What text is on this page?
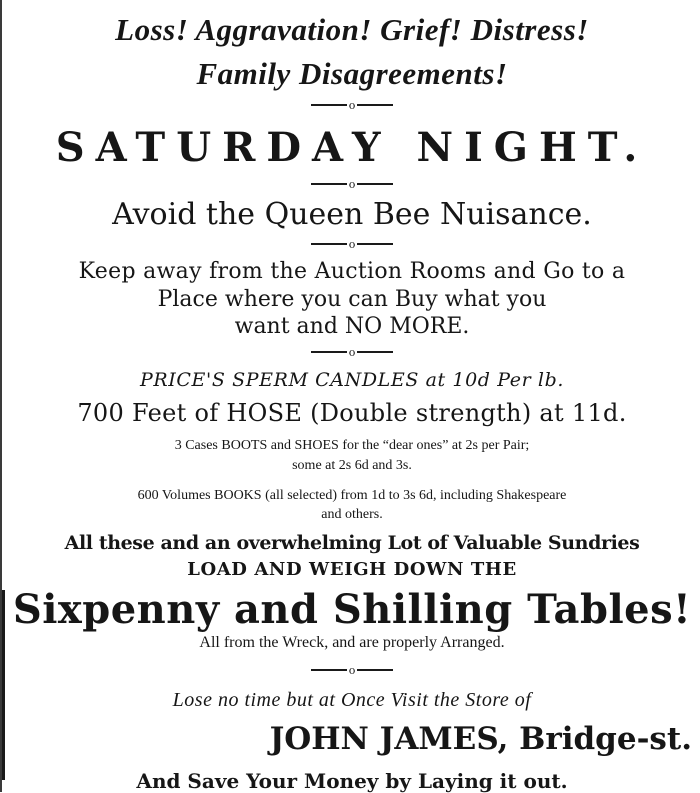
Loss! Aggravation! Grief! Distress!
Family Disagreements!
o
SATURDAY NIGHT.
o
Avoid the Queen Bee Nuisance.
o
Keep away from the Auction Rooms and Go to a
Place where you can Buy what you
want and NO MORE.
o
PRICE'S SPERM CANDLES at 10d Per lb.
700 Feet of HOSE (Double strength) at 11d.
3 Cases BOOTS and SHOES for the “dear ones” at 2s per Pair;
some at 2s 6d and 3s.
600 Volumes BOOKS (all selected) from 1d to 3s 6d, including Shakespeare
and others.
All these and an overwhelming Lot of Valuable Sundries
LOAD AND WEIGH DOWN THE
Sixpenny and Shilling Tables!
All from the Wreck, and are properly Arranged.
o
Lose no time but at Once Visit the Store of
JOHN JAMES, Bridge-st.
And Save Your Money by Laying it out.
